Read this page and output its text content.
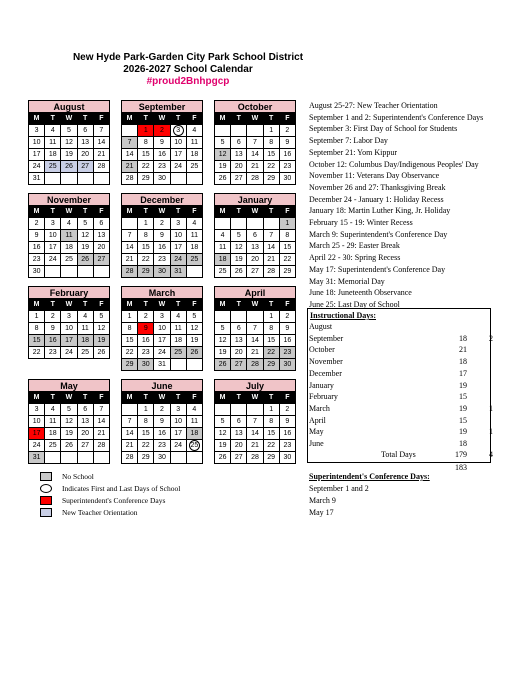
New Hyde Park-Garden City Park School District
2026-2027 School Calendar
#proud2Bnhpgcp
August
M	T	W	T	F
3	4	5	6	7
10	11	12	13	14
17	18	19	20	21
24	25	26	27	28
31				
September
M	T	W	T	F
	1	2	3	4
7	8	9	10	11
14	15	16	17	18
21	22	23	24	25
28	29	30		
October
M	T	W	T	F
			1	2
5	6	7	8	9
12	13	14	15	16
19	20	21	22	23
26	27	28	29	30
November
M	T	W	T	F
2	3	4	5	6
9	10	11	12	13
16	17	18	19	20
23	24	25	26	27
30				
December
M	T	W	T	F
	1	2	3	4
7	8	9	10	11
14	15	16	17	18
21	22	23	24	25
28	29	30	31	
January
M	T	W	T	F
				1
4	5	6	7	8
11	12	13	14	15
18	19	20	21	22
25	26	27	28	29
February
M	T	W	T	F
1	2	3	4	5
8	9	10	11	12
15	16	17	18	19
22	23	24	25	26
March
M	T	W	T	F
1	2	3	4	5
8	9	10	11	12
15	16	17	18	19
22	23	24	25	26
29	30	31		
April
M	T	W	T	F
			1	2
5	6	7	8	9
12	13	14	15	16
19	20	21	22	23
26	27	28	29	30
May
M	T	W	T	F
3	4	5	6	7
10	11	12	13	14
17	18	19	20	21
24	25	26	27	28
31				
June
M	T	W	T	F
	1	2	3	4
7	8	9	10	11
14	15	16	17	18
21	22	23	24	25
28	29	30		
July
M	T	W	T	F
			1	2
5	6	7	8	9
12	13	14	15	16
19	20	21	22	23
26	27	28	29	30
August 25-27: New Teacher Orientation
September 1 and 2: Superintendent's Conference Days
September 3: First Day of School for Students
September 7: Labor Day
September 21: Yom Kippur
October 12: Columbus Day/Indigenous Peoples' Day
November 11: Veterans Day Observance
November 26 and 27: Thanksgiving Break
December 24 - January 1: Holiday Recess
January 18: Martin Luther King, Jr. Holiday
February 15 - 19: Winter Recess
March 9: Superintendent's Conference Day
March 25 - 29: Easter Break
April 22 - 30: Spring Recess
May 17: Superintendent's Conference Day
May 31: Memorial Day
June 18: Juneteenth Observance
June 25: Last Day of School
Instructional Days:
August
September	18	2
October	21
November	18
December	17
January	19
February	15
March	19	1
April	15
May	19	1
June	18
Total Days	179	4
183
No School
Indicates First and Last Days of School
Superintendent's Conference Days
New Teacher Orientation
Superintendent's Conference Days:
September 1 and 2
March 9
May 17
